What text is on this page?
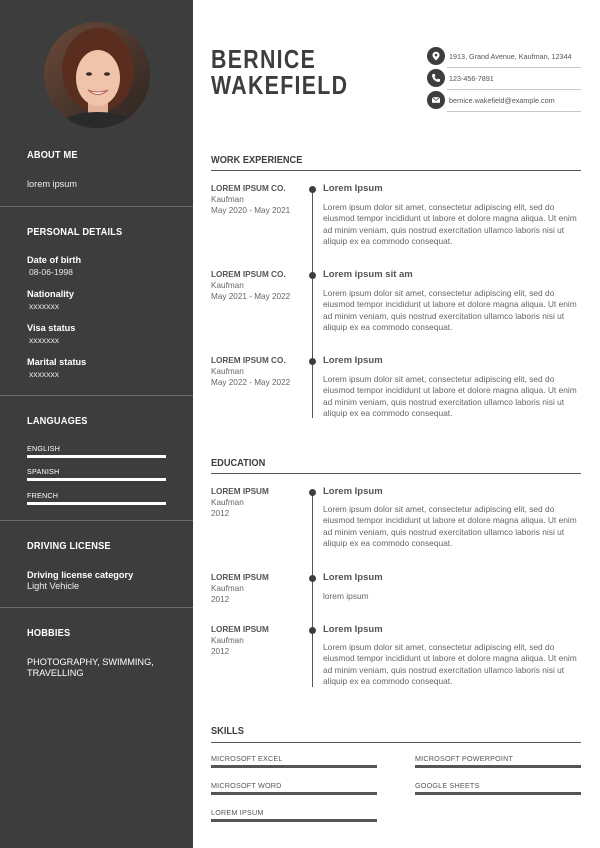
ABOUT ME
lorem ipsum
PERSONAL DETAILS
Date of birth
08-06-1998
Nationality
xxxxxxx
Visa status
xxxxxxx
Marital status
xxxxxxx
LANGUAGES
ENGLISH
SPANISH
FRENCH
DRIVING LICENSE
Driving license category
Light Vehicle
HOBBIES
PHOTOGRAPHY, SWIMMING,
TRAVELLING
BERNICE
WAKEFIELD
1913, Grand Avenue, Kaufman, 12344
123-456-7891
bernice.wakefield@example.com
WORK EXPERIENCE
LOREM IPSUM CO.
Kaufman
May 2020 - May 2021
Lorem Ipsum
Lorem ipsum dolor sit amet, consectetur adipiscing elit, sed do eiusmod tempor incididunt ut labore et dolore magna aliqua. Ut enim ad minim veniam, quis nostrud exercitation ullamco laboris nisi ut aliquip ex ea commodo consequat.
LOREM IPSUM CO.
Kaufman
May 2021 - May 2022
Lorem ipsum sit am
Lorem ipsum dolor sit amet, consectetur adipiscing elit, sed do eiusmod tempor incididunt ut labore et dolore magna aliqua. Ut enim ad minim veniam, quis nostrud exercitation ullamco laboris nisi ut aliquip ex ea commodo consequat.
LOREM IPSUM CO.
Kaufman
May 2022 - May 2022
Lorem Ipsum
Lorem ipsum dolor sit amet, consectetur adipiscing elit, sed do eiusmod tempor incididunt ut labore et dolore magna aliqua. Ut enim ad minim veniam, quis nostrud exercitation ullamco laboris nisi ut aliquip ex ea commodo consequat.
EDUCATION
LOREM IPSUM
Kaufman
2012
Lorem Ipsum
Lorem ipsum dolor sit amet, consectetur adipiscing elit, sed do eiusmod tempor incididunt ut labore et dolore magna aliqua. Ut enim ad minim veniam, quis nostrud exercitation ullamco laboris nisi ut aliquip ex ea commodo consequat.
LOREM IPSUM
Kaufman
2012
Lorem Ipsum
lorem ipsum
LOREM IPSUM
Kaufman
2012
Lorem Ipsum
Lorem ipsum dolor sit amet, consectetur adipiscing elit, sed do eiusmod tempor incididunt ut labore et dolore magna aliqua. Ut enim ad minim veniam, quis nostrud exercitation ullamco laboris nisi ut aliquip ex ea commodo consequat.
SKILLS
MICROSOFT EXCEL	MICROSOFT POWERPOINT
MICROSOFT WORD	GOOGLE SHEETS
LOREM IPSUM
